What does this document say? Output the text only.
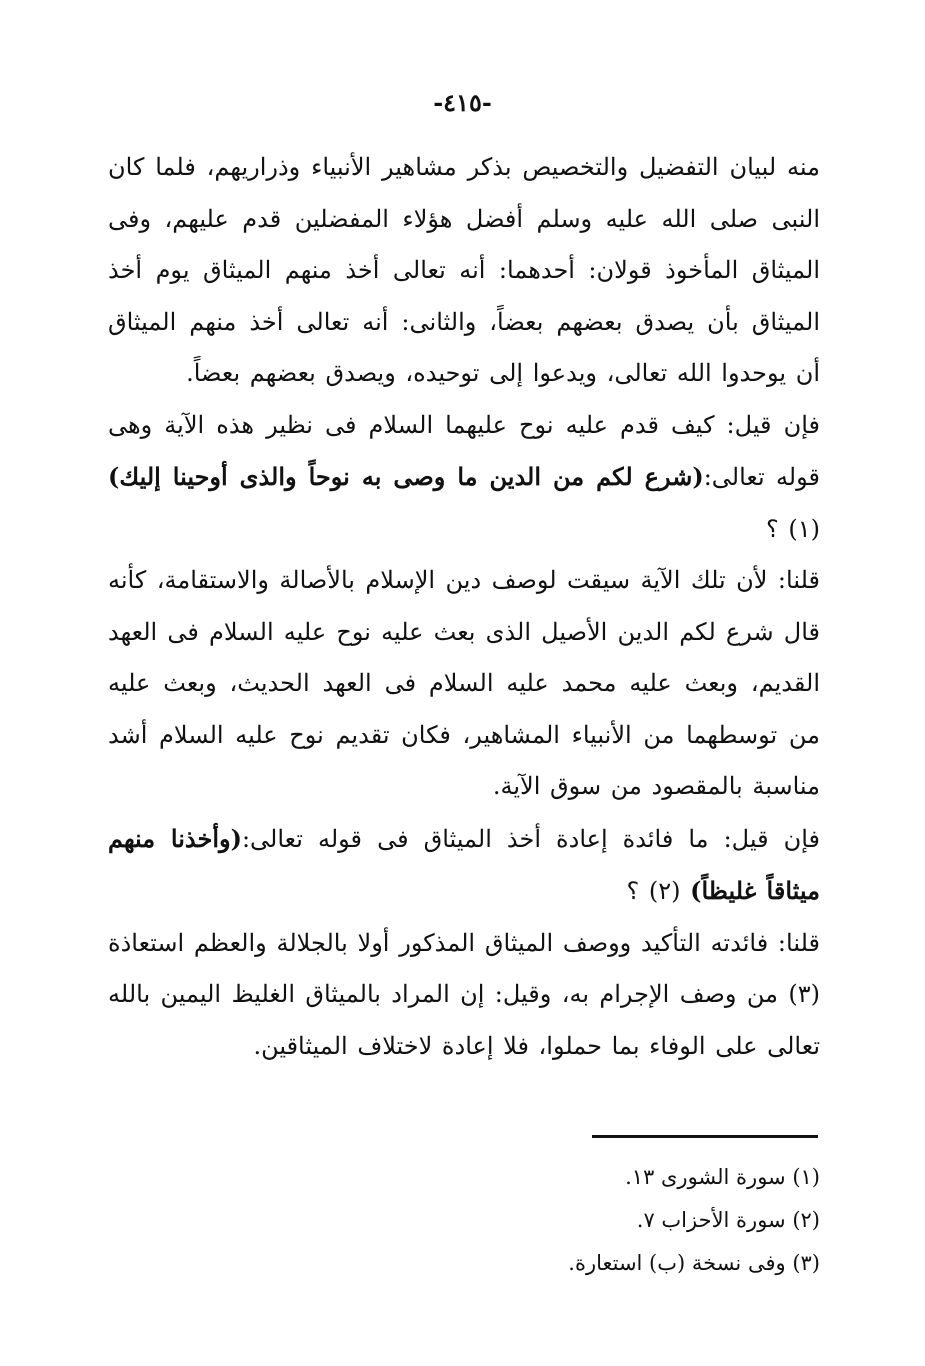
-٤١٥-

منه لبيان التفضيل والتخصيص بذكر مشاهير الأنبياء وذراريهم، فلما كان النبى صلى الله عليه وسلم أفضل هؤلاء المفضلين قدم عليهم، وفى الميثاق المأخوذ قولان: أحدهما: أنه تعالى أخذ منهم الميثاق يوم أخذ الميثاق بأن يصدق بعضهم بعضاً، والثانى: أنه تعالى أخذ منهم الميثاق أن يوحدوا الله تعالى، ويدعوا إلى توحيده، ويصدق بعضهم بعضاً.

فإن قيل: كيف قدم عليه نوح عليهما السلام فى نظير هذه الآية وهى قوله تعالى:(شرع لكم من الدين ما وصى به نوحاً والذى أوحينا إليك) (١) ؟

قلنا: لأن تلك الآية سيقت لوصف دين الإسلام بالأصالة والاستقامة، كأنه قال شرع لكم الدين الأصيل الذى بعث عليه نوح عليه السلام فى العهد القديم، وبعث عليه محمد عليه السلام فى العهد الحديث، وبعث عليه من توسطهما من الأنبياء المشاهير، فكان تقديم نوح عليه السلام أشد مناسبة بالمقصود من سوق الآية.

فإن قيل: ما فائدة إعادة أخذ الميثاق فى قوله تعالى:(وأخذنا منهم ميثاقاً غليظاً) (٢) ؟

قلنا: فائدته التأكيد ووصف الميثاق المذكور أولا بالجلالة والعظم استعاذة (٣) من وصف الإجرام به، وقيل: إن المراد بالميثاق الغليظ اليمين بالله تعالى على الوفاء بما حملوا، فلا إعادة لاختلاف الميثاقين.

(١) سورة الشورى ١٣.

(٢) سورة الأحزاب ٧.

(٣) وفى نسخة (ب) استعارة.
